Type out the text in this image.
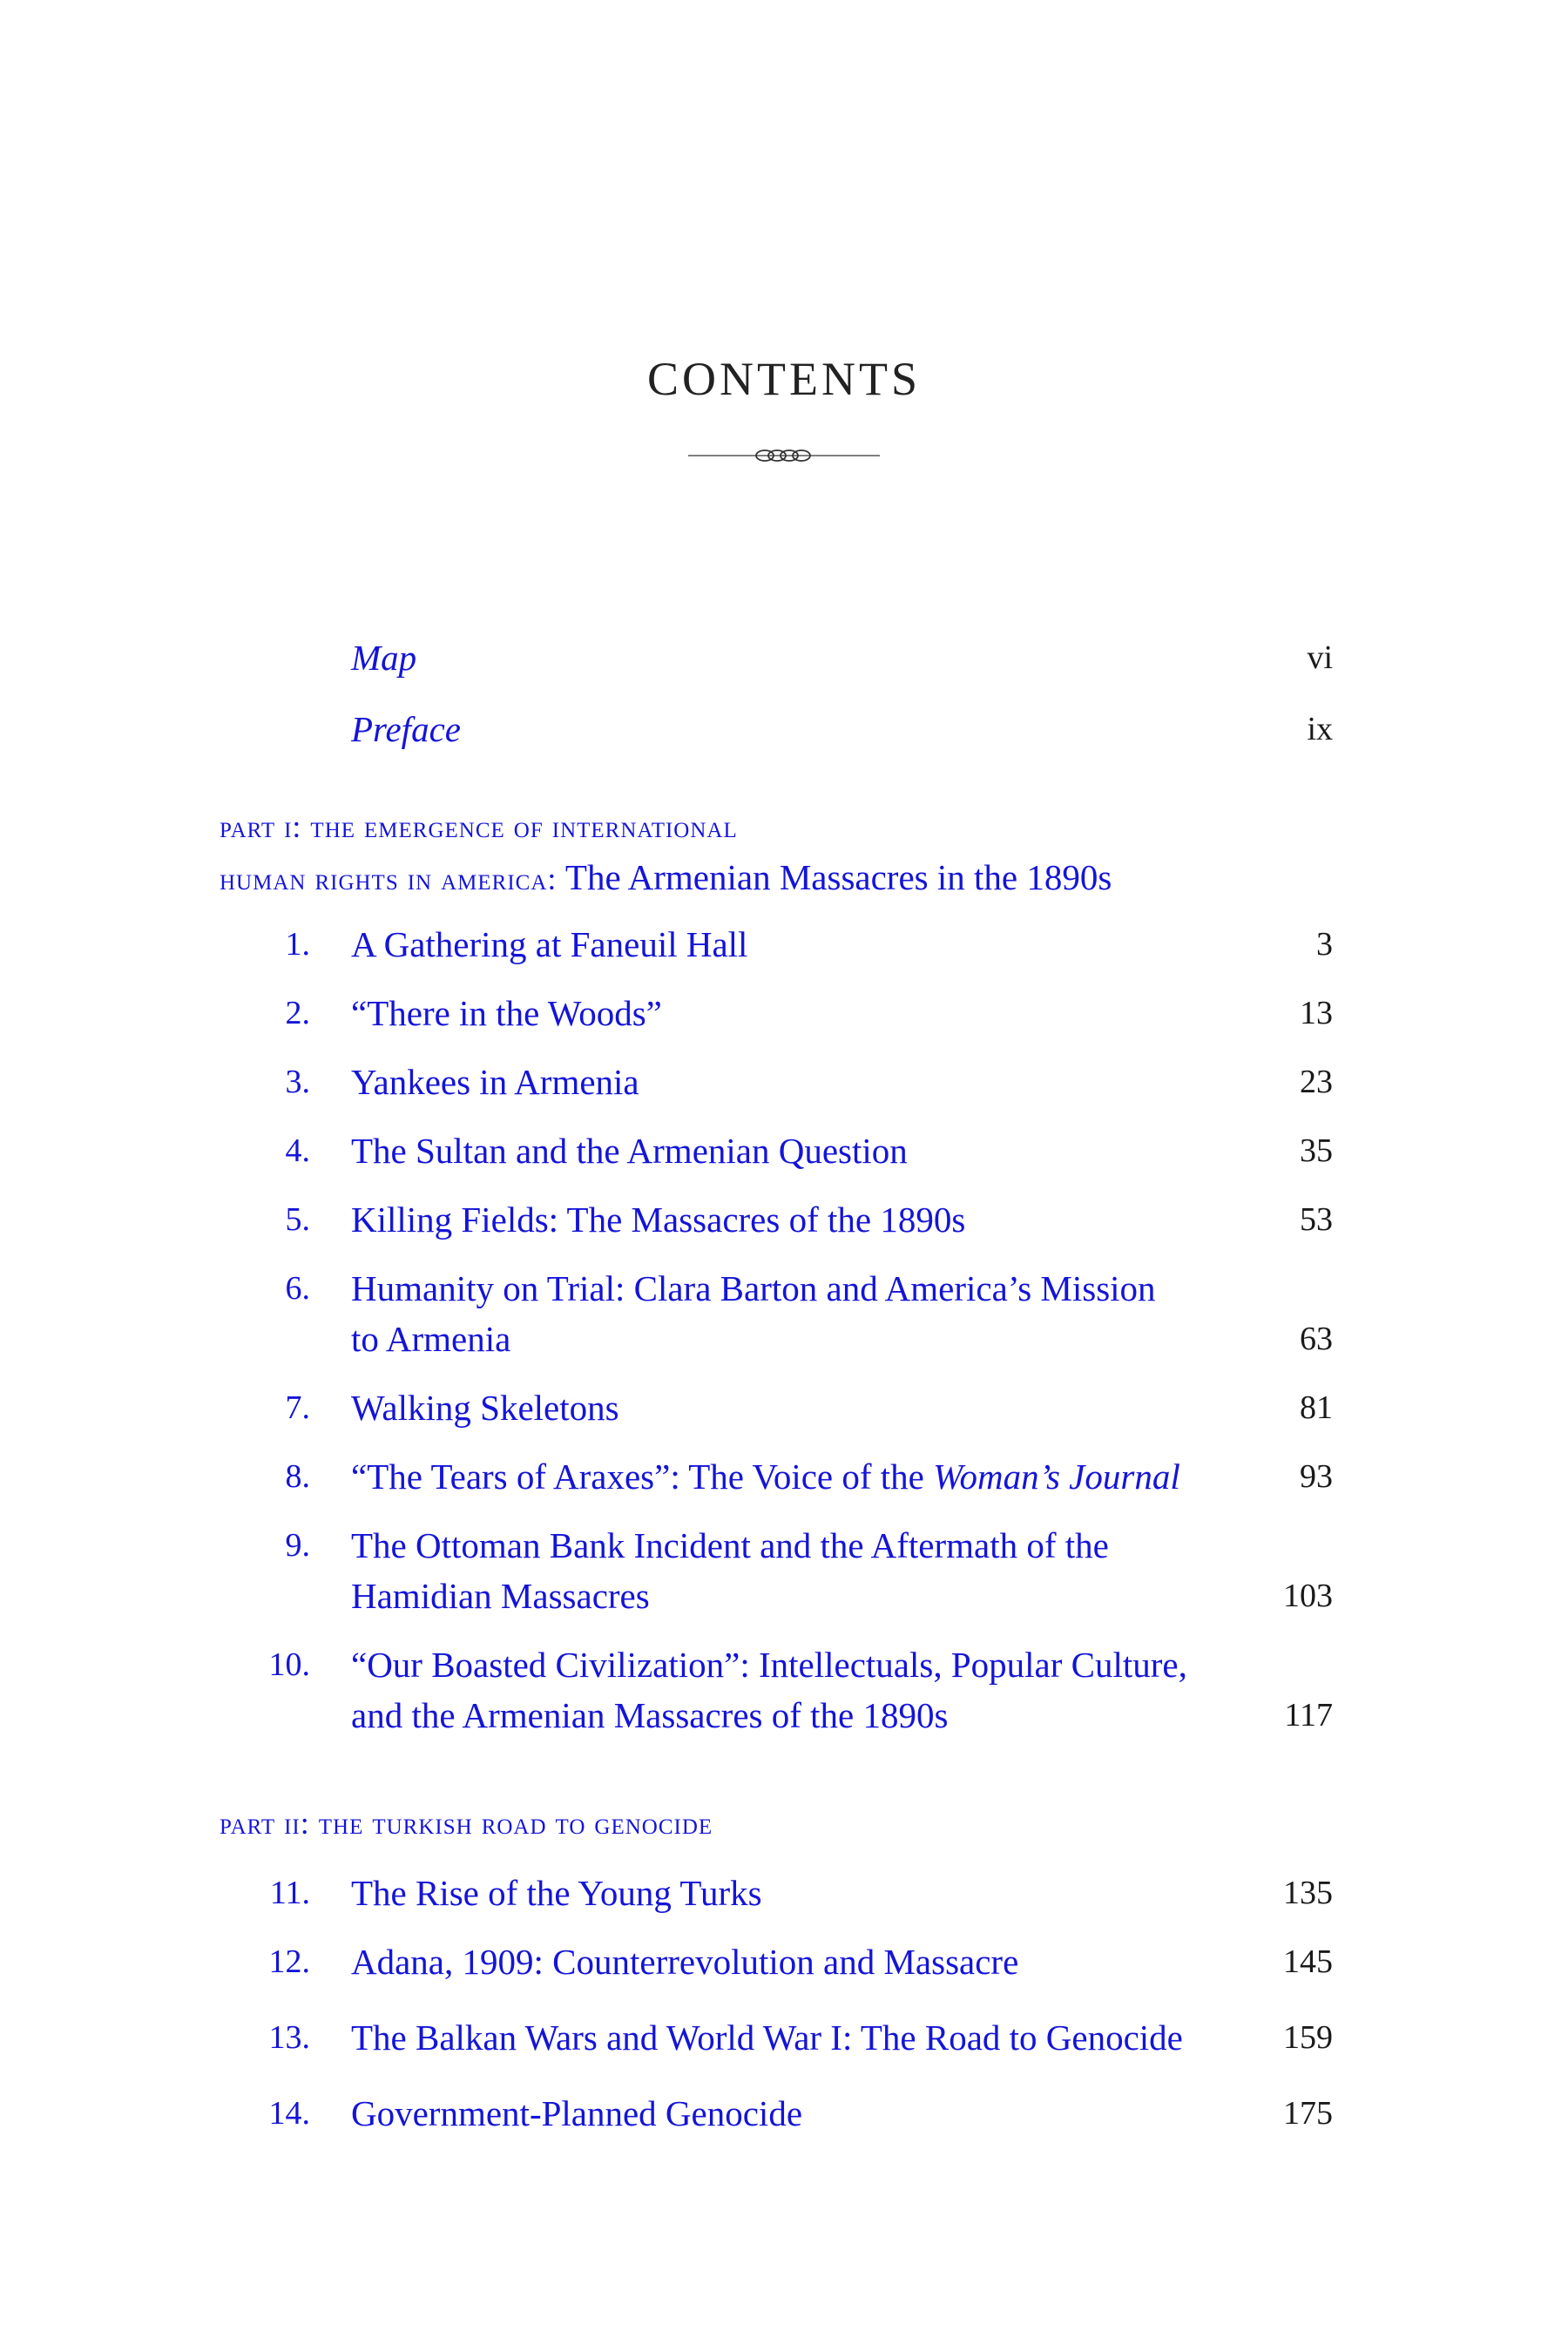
CONTENTS
Map	vi
Preface	ix
part i: the emergence of international
human rights in america: The Armenian Massacres in the 1890s
1. A Gathering at Faneuil Hall	3
2. “There in the Woods”	13
3. Yankees in Armenia	23
4. The Sultan and the Armenian Question	35
5. Killing Fields: The Massacres of the 1890s	53
6. Humanity on Trial: Clara Barton and America’s Mission
to Armenia	63
7. Walking Skeletons	81
8. “The Tears of Araxes”: The Voice of the Woman’s Journal	93
9. The Ottoman Bank Incident and the Aftermath of the
Hamidian Massacres	103
10. “Our Boasted Civilization”: Intellectuals, Popular Culture,
and the Armenian Massacres of the 1890s	117
part ii: the turkish road to genocide
11. The Rise of the Young Turks	135
12. Adana, 1909: Counterrevolution and Massacre	145
13. The Balkan Wars and World War I: The Road to Genocide	159
14. Government-Planned Genocide	175
